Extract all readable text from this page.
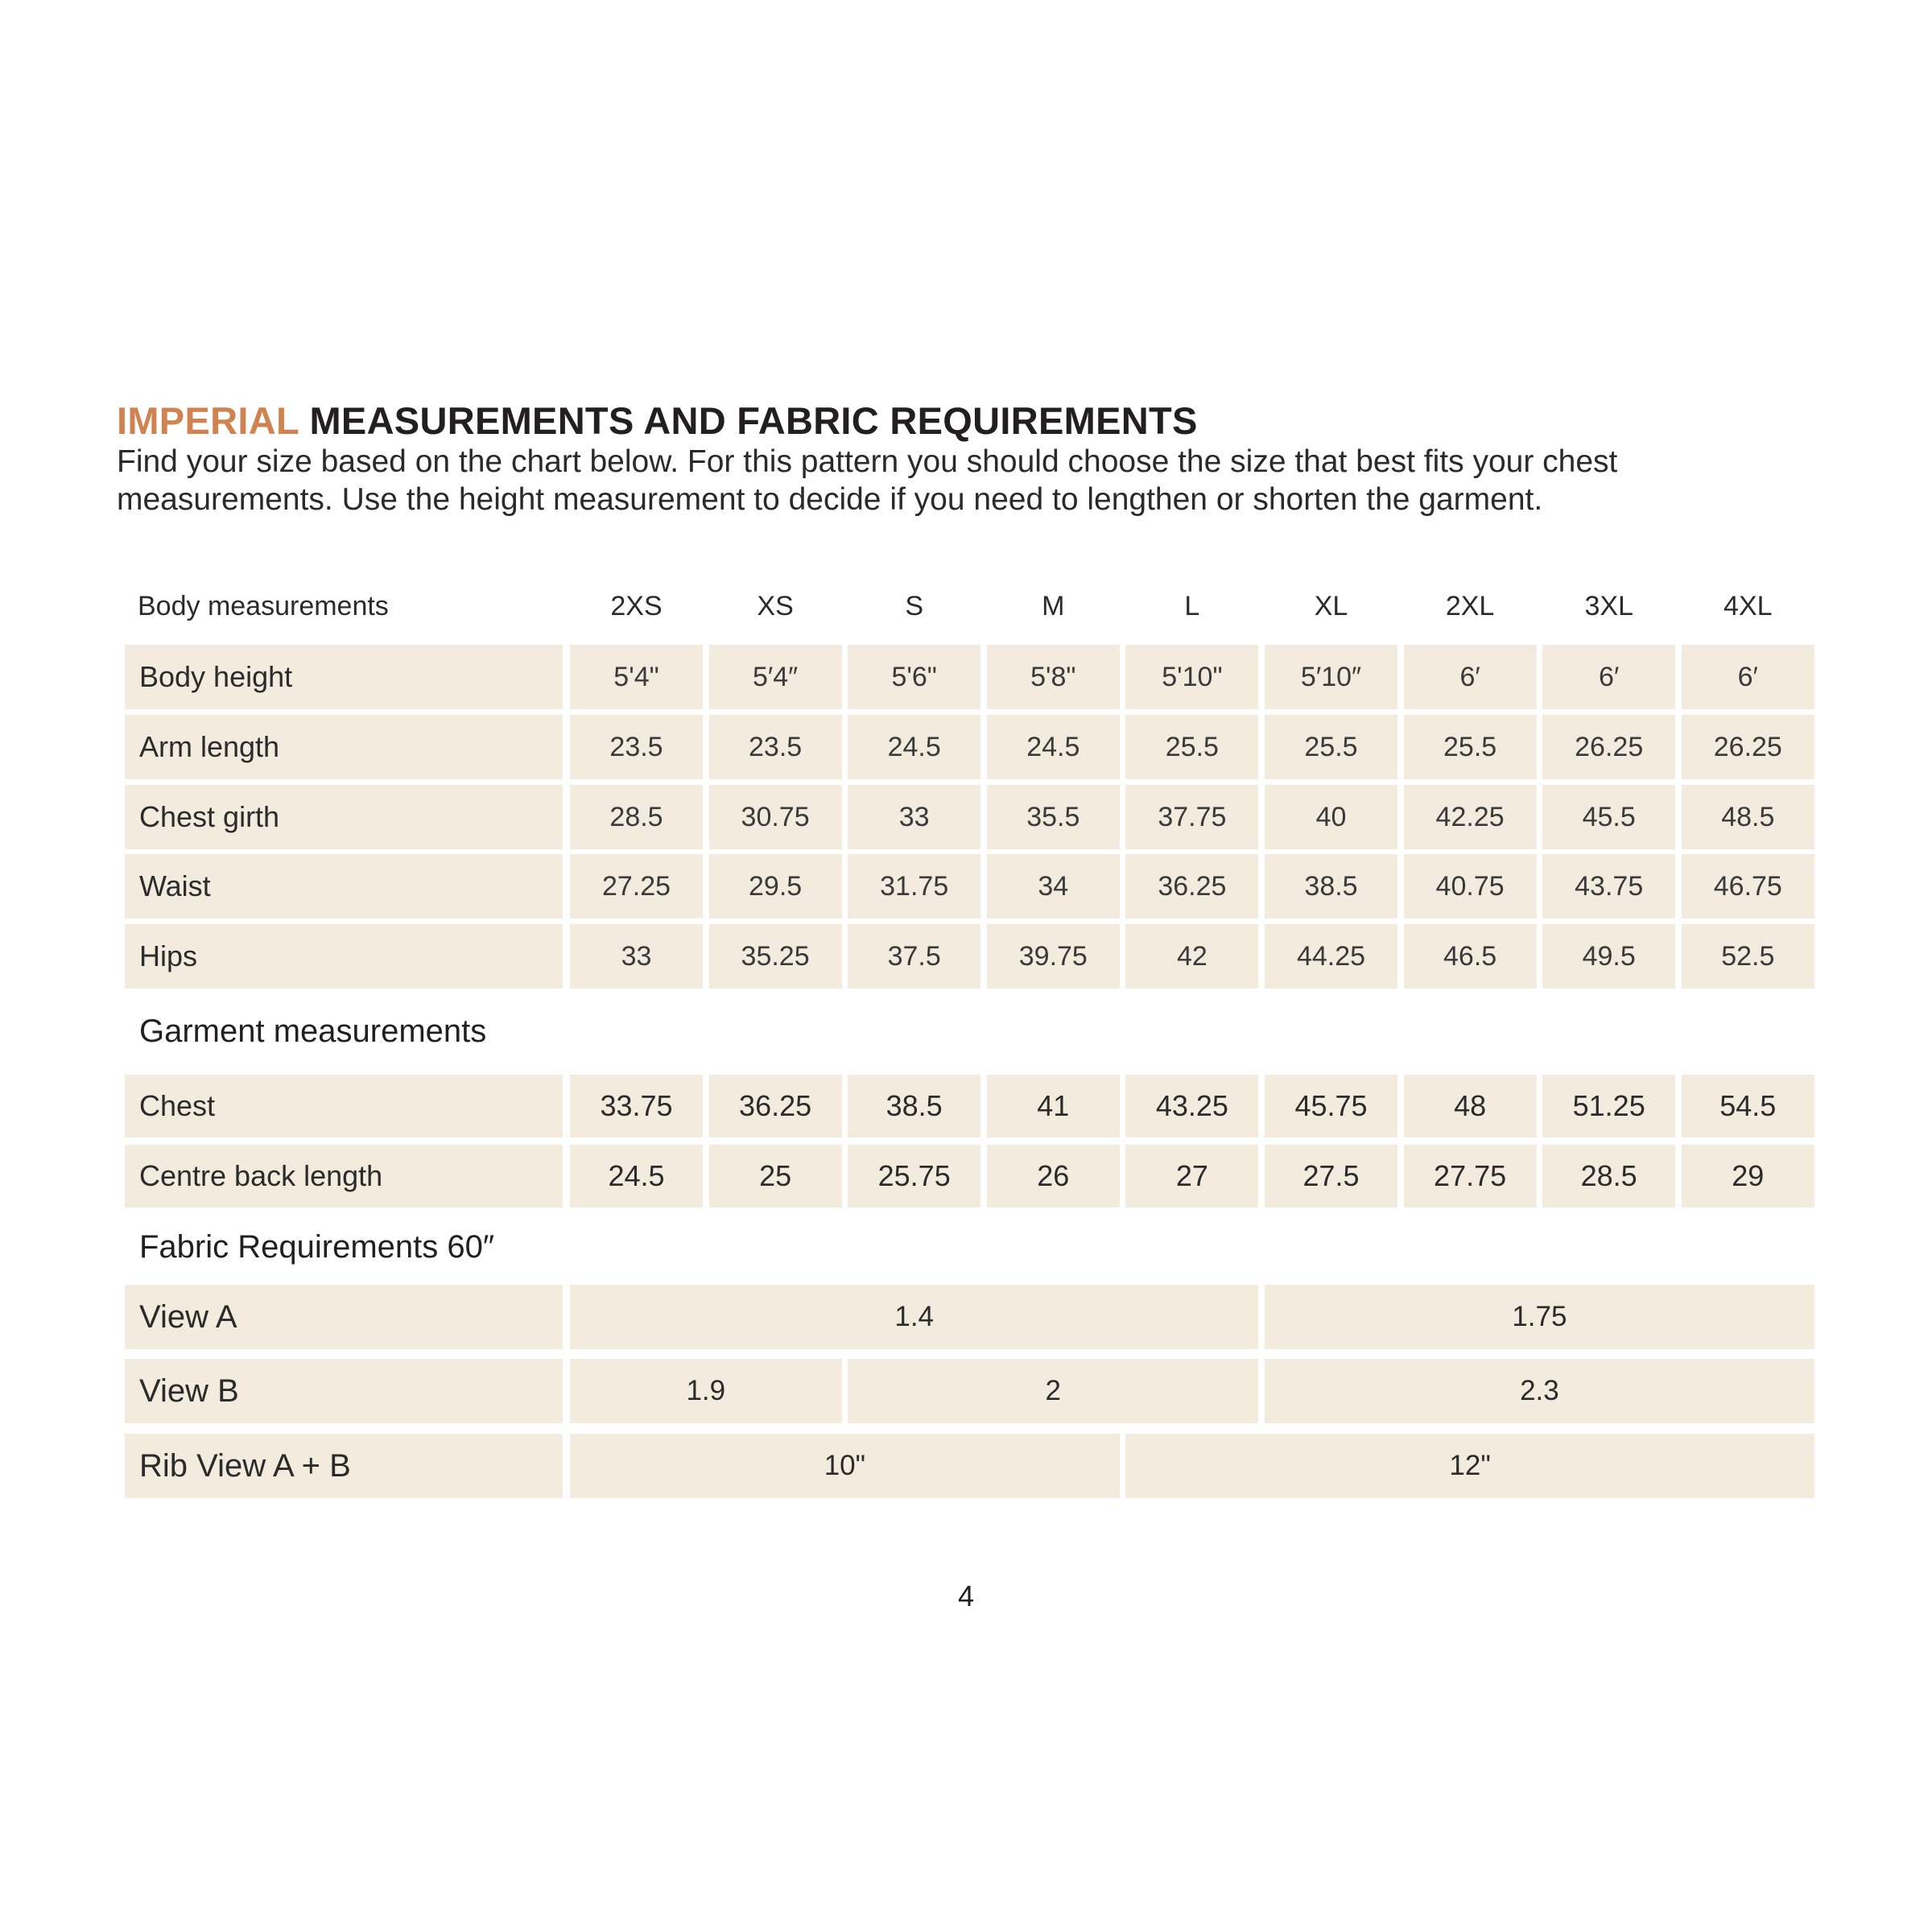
IMPERIAL MEASUREMENTS AND FABRIC REQUIREMENTS

Find your size based on the chart below. For this pattern you should choose the size that best fits your chest
measurements. Use the height measurement to decide if you need to lengthen or shorten the garment.

Body measurements	2XS	XS	S	M	L	XL	2XL	3XL	4XL
Body height	5'4"	5′4″	5'6"	5'8"	5'10"	5′10″	6′	6′	6′
Arm length	23.5	23.5	24.5	24.5	25.5	25.5	25.5	26.25	26.25
Chest girth	28.5	30.75	33	35.5	37.75	40	42.25	45.5	48.5
Waist	27.25	29.5	31.75	34	36.25	38.5	40.75	43.75	46.75
Hips	33	35.25	37.5	39.75	42	44.25	46.5	49.5	52.5
Garment measurements
Chest	33.75	36.25	38.5	41	43.25	45.75	48	51.25	54.5
Centre back length	24.5	25	25.75	26	27	27.5	27.75	28.5	29
Fabric Requirements 60″
View A	1.4	1.75
View B	1.9	2	2.3
Rib View A + B	10"	12"
4
